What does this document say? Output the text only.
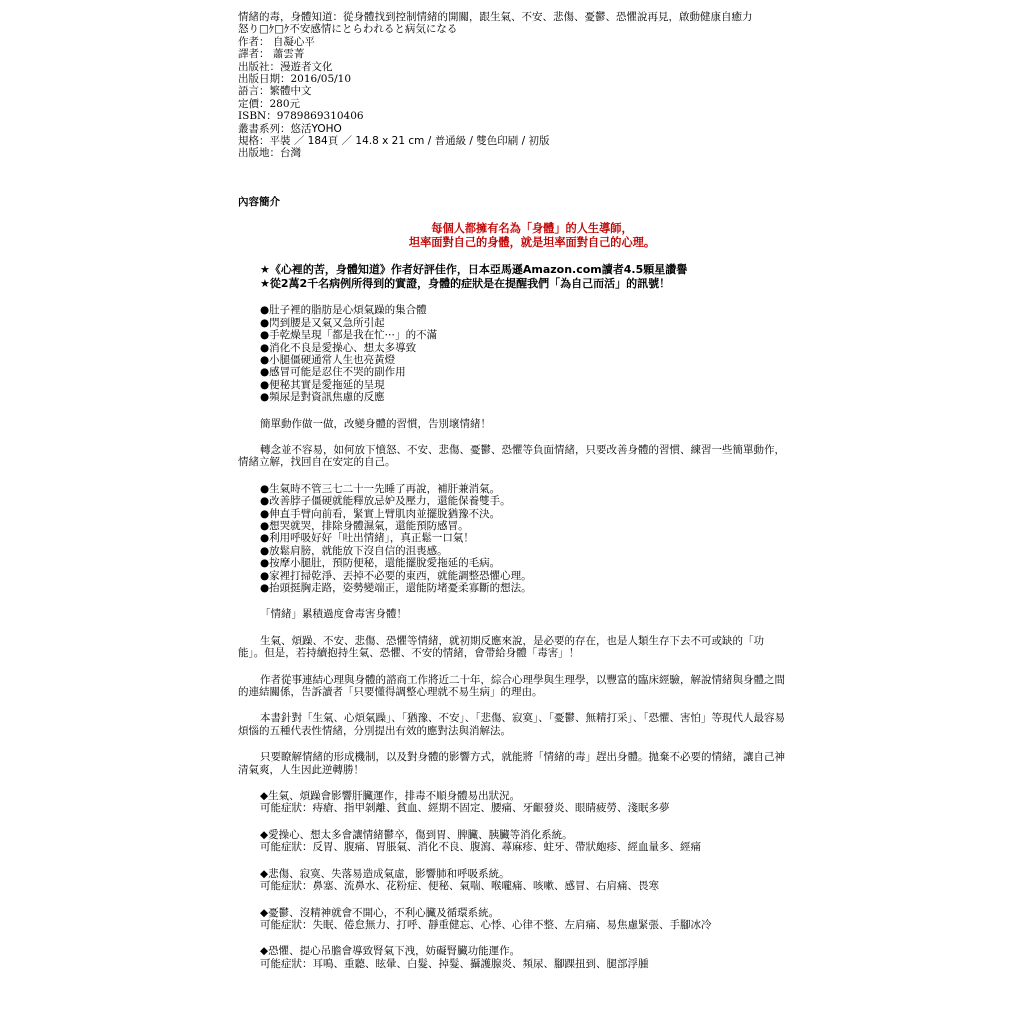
情緒的毒，身體知道：從身體找到控制情緒的開關，跟生氣、不安、悲傷、憂鬱、恐懼說再見，啟動健康自癒力
怒り□ｹ□ｹ不安感情にとらわれると病気になる
作者： 自凝心平
譯者： 蕭雲菁
出版社：漫遊者文化
出版日期：2016/05/10
語言：繁體中文
定價：280元
ISBN：9789869310406
叢書系列：悠活YOHO
規格：平裝 ／ 184頁 ／ 14.8 x 21 cm / 普通級 / 雙色印刷 / 初版
出版地：台灣
內容簡介
每個人都擁有名為「身體」的人生導師，
坦率面對自己的身體，就是坦率面對自己的心理。
★《心裡的苦，身體知道》作者好評佳作，日本亞馬遜Amazon.com讀者4.5顆星讚譽
★從2萬2千名病例所得到的實證，身體的症狀是在提醒我們「為自己而活」的訊號！
●肚子裡的脂肪是心煩氣躁的集合體
●閃到腰是又氣又急所引起
●手乾燥呈現「都是我在忙⋯」的不滿
●消化不良是愛操心、想太多導致
●小腿僵硬通常人生也亮黃燈
●感冒可能是忍住不哭的副作用
●便秘其實是愛拖延的呈現
●頻尿是對資訊焦慮的反應
簡單動作做一做，改變身體的習慣，告別壞情緒！
轉念並不容易，如何放下憤怒、不安、悲傷、憂鬱、恐懼等負面情緒，只要改善身體的習慣、練習一些簡單動作，情緒立解，找回自在安定的自己。
●生氣時不管三七二十一先睡了再說，補肝兼消氣。
●改善脖子僵硬就能釋放忌妒及壓力，還能保養雙手。
●伸直手臂向前看，緊實上臂肌肉並擺脫猶豫不決。
●想哭就哭，排除身體濕氣，還能預防感冒。
●利用呼吸好好「吐出情緒」，真正鬆一口氣！
●放鬆肩膀，就能放下沒自信的沮喪感。
●按摩小腿肚，預防便秘，還能擺脫愛拖延的毛病。
●家裡打掃乾淨、丟掉不必要的東西，就能調整恐懼心理。
●抬頭挺胸走路，姿勢變端正，還能防堵憂柔寡斷的想法。
「情緒」累積過度會毒害身體！
生氣、煩躁、不安、悲傷、恐懼等情緒，就初期反應來說，是必要的存在，也是人類生存下去不可或缺的「功能」。但是，若持續抱持生氣、恐懼、不安的情緒，會帶給身體「毒害」！
作者從事連結心理與身體的諮商工作將近二十年，綜合心理學與生理學，以豐富的臨床經驗，解說情緒與身體之間的連結關係，告訴讀者「只要懂得調整心理就不易生病」的理由。
本書針對「生氣、心煩氣躁」、「猶豫、不安」、「悲傷、寂寞」、「憂鬱、無精打采」、「恐懼、害怕」等現代人最容易煩惱的五種代表性情緒，分別提出有效的應對法與消解法。
只要瞭解情緒的形成機制，以及對身體的影響方式，就能將「情緒的毒」趕出身體。拋棄不必要的情緒，讓自己神清氣爽，人生因此逆轉勝！
◆生氣、煩躁會影響肝臟運作，排毒不順身體易出狀況。
可能症狀：痔瘡、指甲剝離、貧血、經期不固定、腰痛、牙齦發炎、眼睛疲勞、淺眠多夢
◆愛操心、想太多會讓情緒鬱卒，傷到胃、脾臟、胰臟等消化系統。
可能症狀：反胃、腹痛、胃脹氣、消化不良、腹瀉、蕁麻疹、蛀牙、帶狀皰疹、經血量多、經痛
◆悲傷、寂寞、失落易造成氣虛，影響肺和呼吸系統。
可能症狀：鼻塞、流鼻水、花粉症、便秘、氣喘、喉嚨痛、咳嗽、感冒、右肩痛、畏寒
◆憂鬱、沒精神就會不開心，不利心臟及循環系統。
可能症狀：失眠、倦怠無力、打呼、靜重健忘、心悸、心律不整、左肩痛、易焦慮緊張、手腳冰冷
◆恐懼、提心吊膽會導致腎氣下洩，妨礙腎臟功能運作。
可能症狀：耳鳴、重聽、眩暈、白髮、掉髮、攝護腺炎、頻尿、腳踝扭到、腿部浮腫
